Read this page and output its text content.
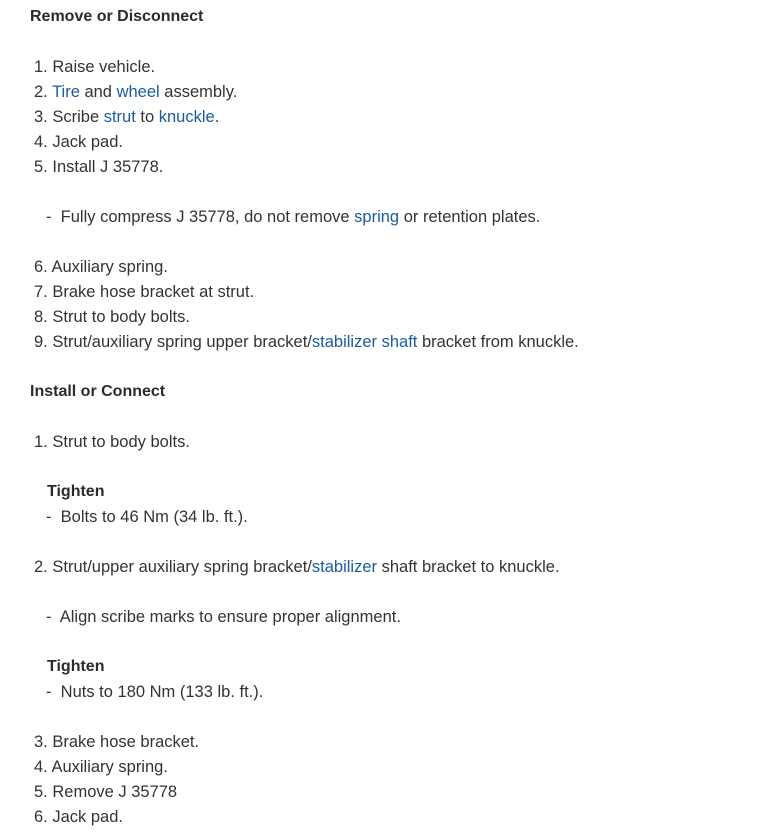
Remove or Disconnect
1. Raise vehicle.
2. Tire and wheel assembly.
3. Scribe strut to knuckle.
4. Jack pad.
5. Install J 35778.
- Fully compress J 35778, do not remove spring or retention plates.
6. Auxiliary spring.
7. Brake hose bracket at strut.
8. Strut to body bolts.
9. Strut/auxiliary spring upper bracket/stabilizer shaft bracket from knuckle.
Install or Connect
1. Strut to body bolts.
Tighten
- Bolts to 46 Nm (34 lb. ft.).
2. Strut/upper auxiliary spring bracket/stabilizer shaft bracket to knuckle.
- Align scribe marks to ensure proper alignment.
Tighten
- Nuts to 180 Nm (133 lb. ft.).
3. Brake hose bracket.
4. Auxiliary spring.
5. Remove J 35778
6. Jack pad.
